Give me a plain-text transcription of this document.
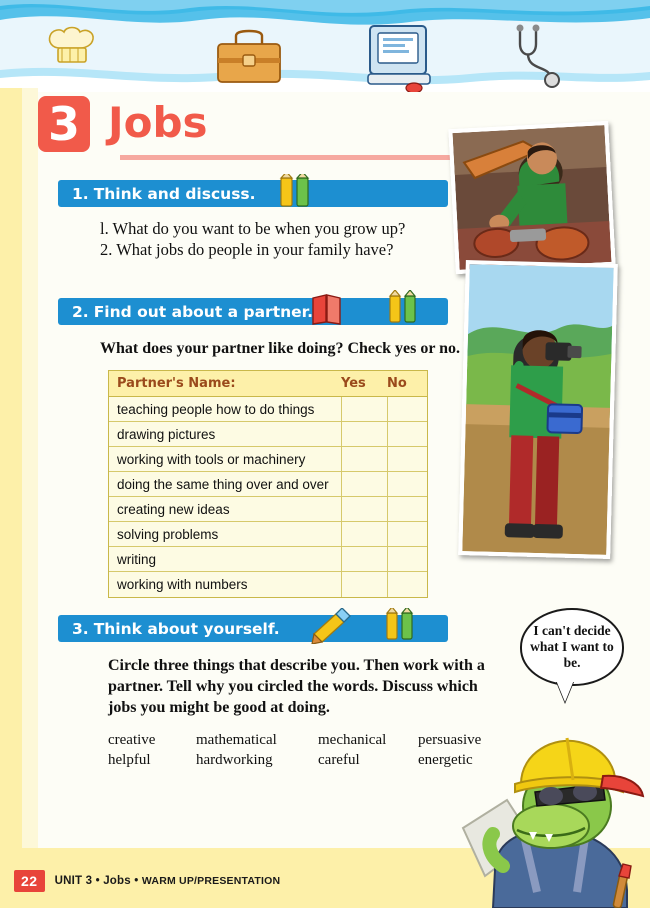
3 Jobs
1. Think and discuss.
l. What do you want to be when you grow up?
2. What jobs do people in your family have?
2. Find out about a partner.
What does your partner like doing? Check yes or no.
Partner's Name:	Yes	No
teaching people how to do things
drawing pictures
working with tools or machinery
doing the same thing over and over
creating new ideas
solving problems
writing
working with numbers
3. Think about yourself.
Circle three things that describe you. Then work with a partner. Tell why you circled the words. Discuss which jobs you might be good at doing.
creative
helpful
mathematical
hardworking
mechanical
careful
persuasive
energetic
I can't decide what I want to be.
22	UNIT 3 • Jobs • WARM UP/PRESENTATION
